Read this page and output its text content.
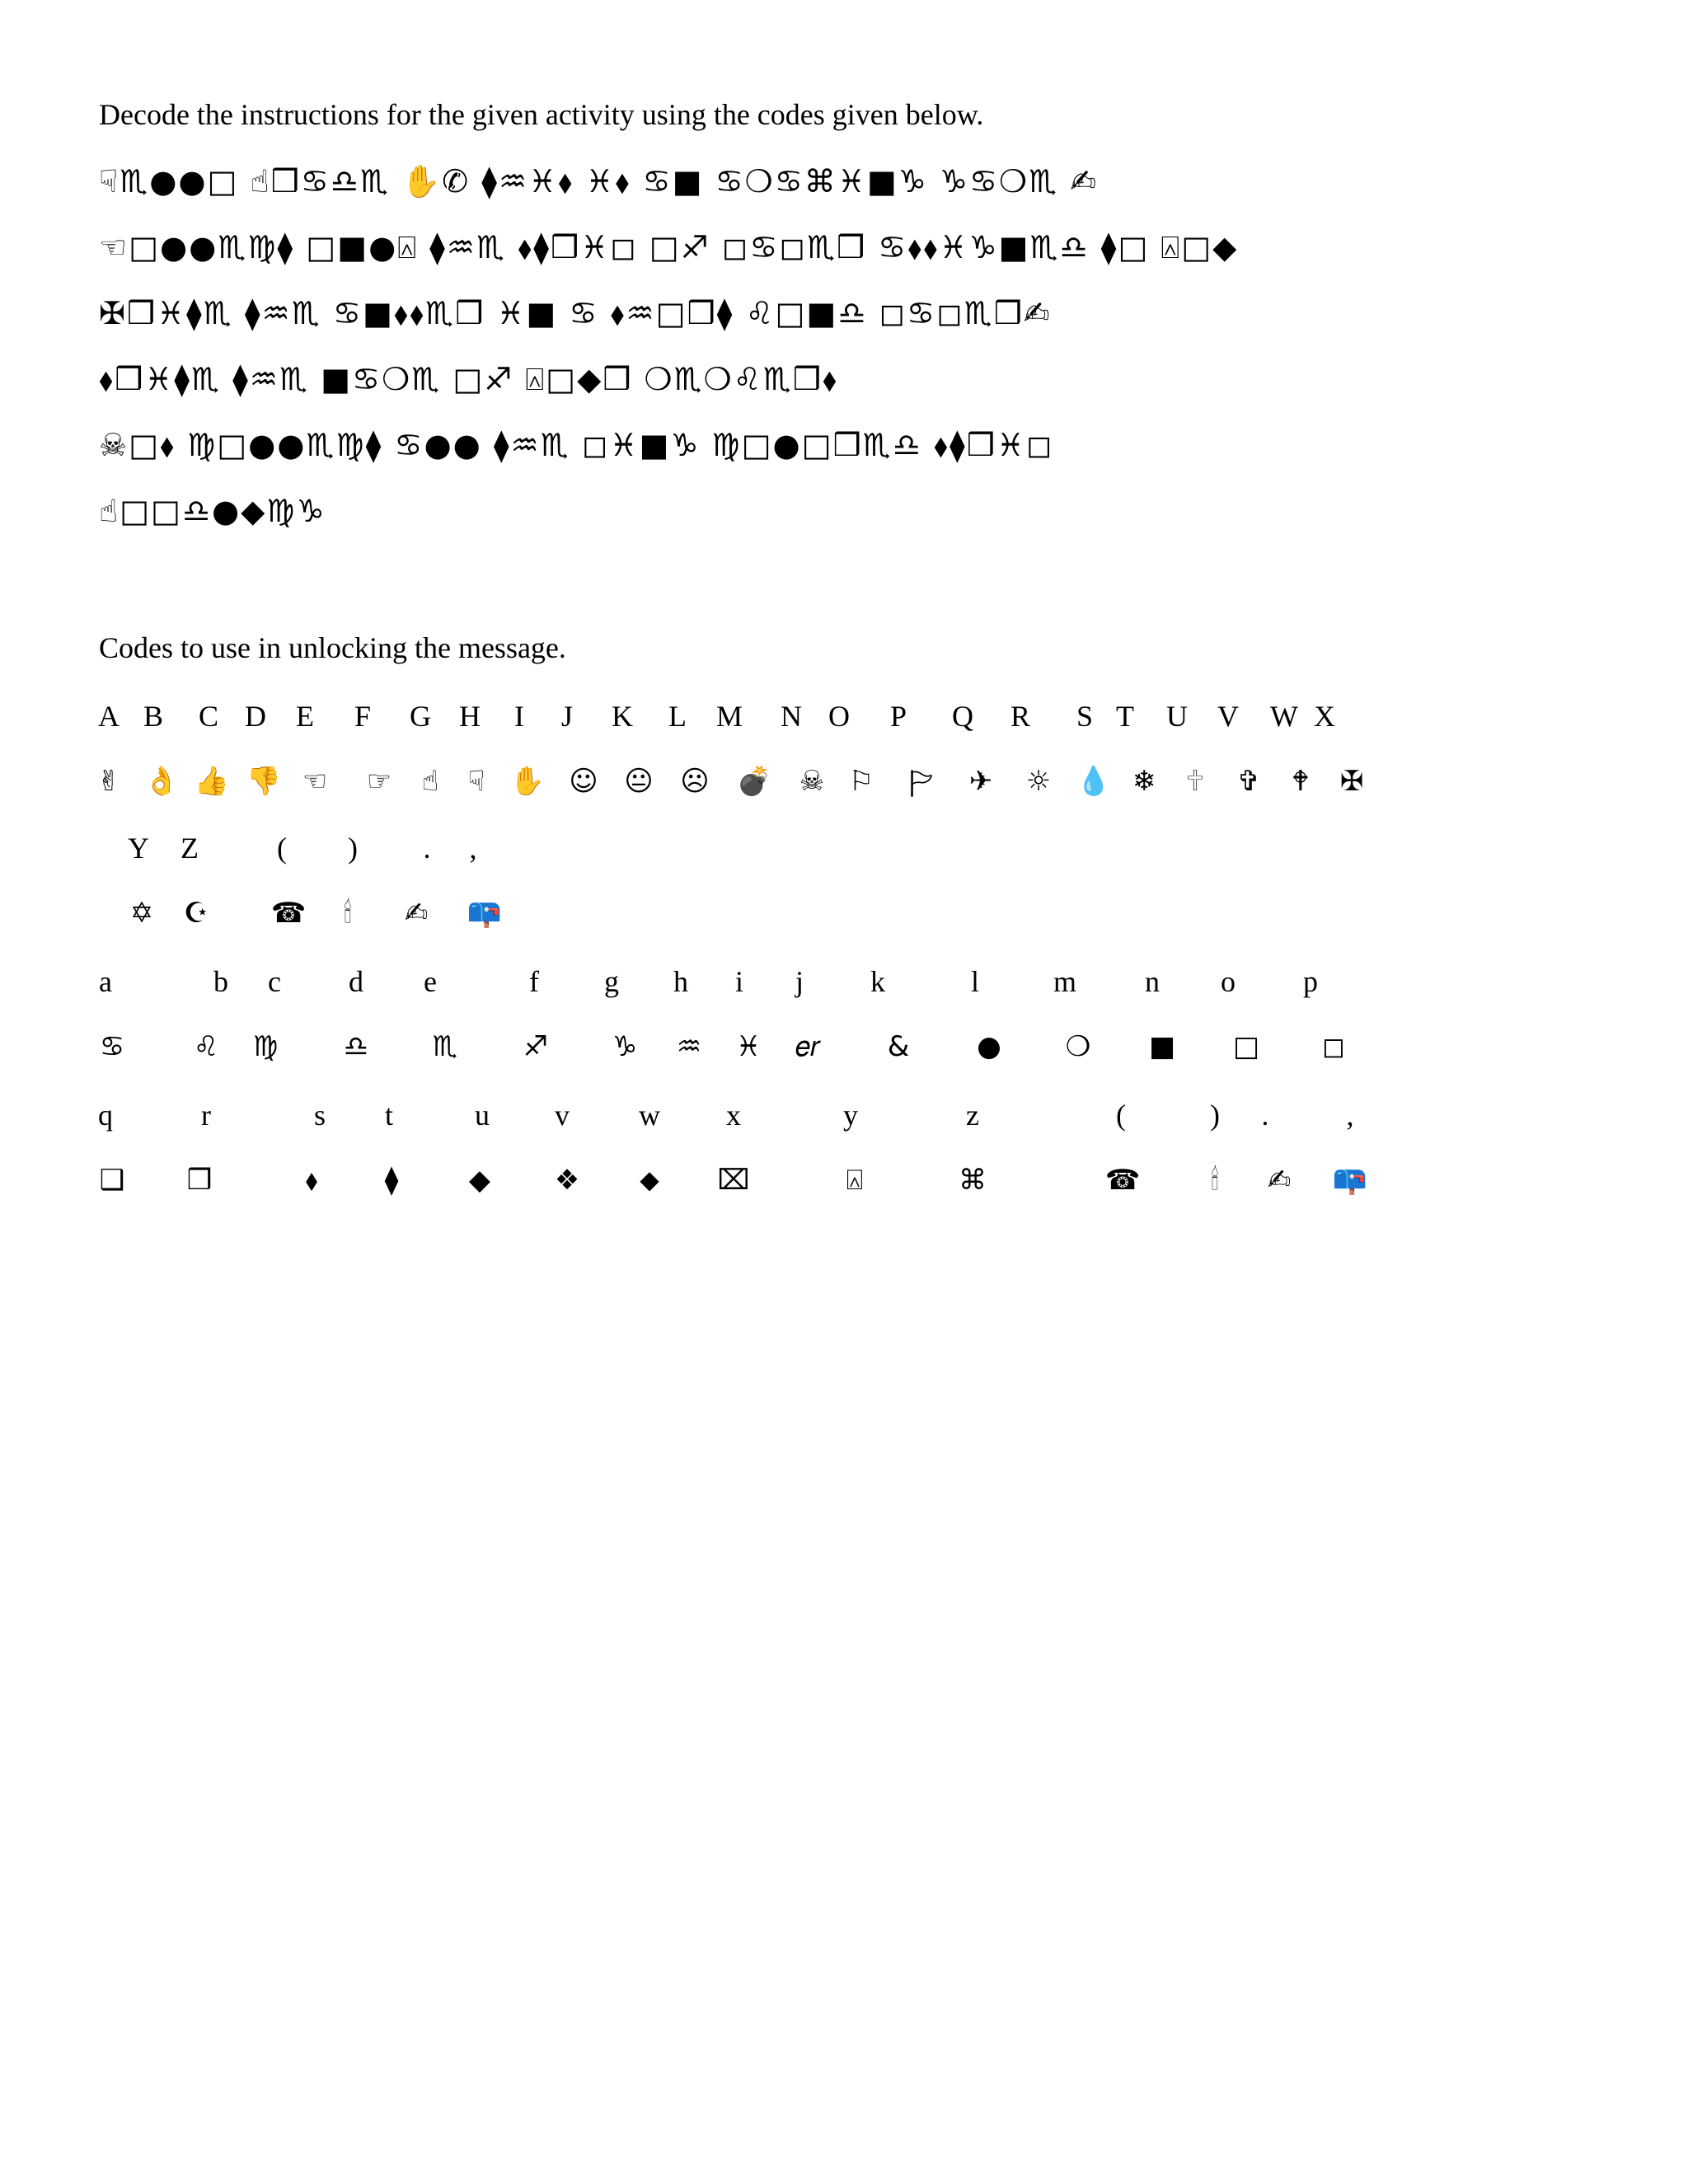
Decode the instructions for the given activity using the codes given below.
☟♏●●□ ☝❒♋♎♏ ✋✆ ⧫♒♓⬧ ♓⬧ ♋■ ♋❍♋⌘♓■♑ ♑♋❍♏ ✍
☜□●●♏♍⧫ □■●⍓ ⧫♒♏ ⬧⧫❒♓◻ □♐ ◻♋◻♏❒ ♋⬧⬧♓♑■♏♎ ⧫□ ⍓□◆
✠❒♓⧫♏ ⧫♒♏ ♋■⬧⬧♏❒ ♓■ ♋ ⬧♒□❒⧫ ♌□■♎ ◻♋◻♏❒✍
⬧❒♓⧫♏ ⧫♒♏ ■♋❍♏ □♐ ⍓□◆❒ ❍♏❍♌♏❒⬧
☠□⬧ ♍□●●♏♍⧫ ♋●● ⧫♒♏ ◻♓■♑ ♍□●□❒♏♎ ⬧⧫❒♓◻
☝□□♎●◆♍♑
Codes to use in unlocking the message.
A B C D E F G H I J K L M N O P Q R S T U V W X
✌ 👌 👍 👎 ☜ ☞ ☝ ☟ ✋ ☺ 😐 ☹ 💣 ☠ ⚐ 🏱 ✈ ☼ 💧 ❄ 🕆 ✞ 🕈 ✠
Y Z	( ) . ,
✡ ☪ ☎ 🕯 ✍ 📪
a	b c d e	f g h i j k	l m n o p
♋ ♌ ♍ ♎ ♏ ♐ ♑ ♒ ♓ 𝑒𝑟 & ● ❍ ■ □ ◻
q	r	s t	u v w x	y	z	(	) .	,
❑ ❒	⬧ ⧫	◆ ❖ ⬥ ⌧	⍓	⌘	☎	🕯 ✍ 📪
